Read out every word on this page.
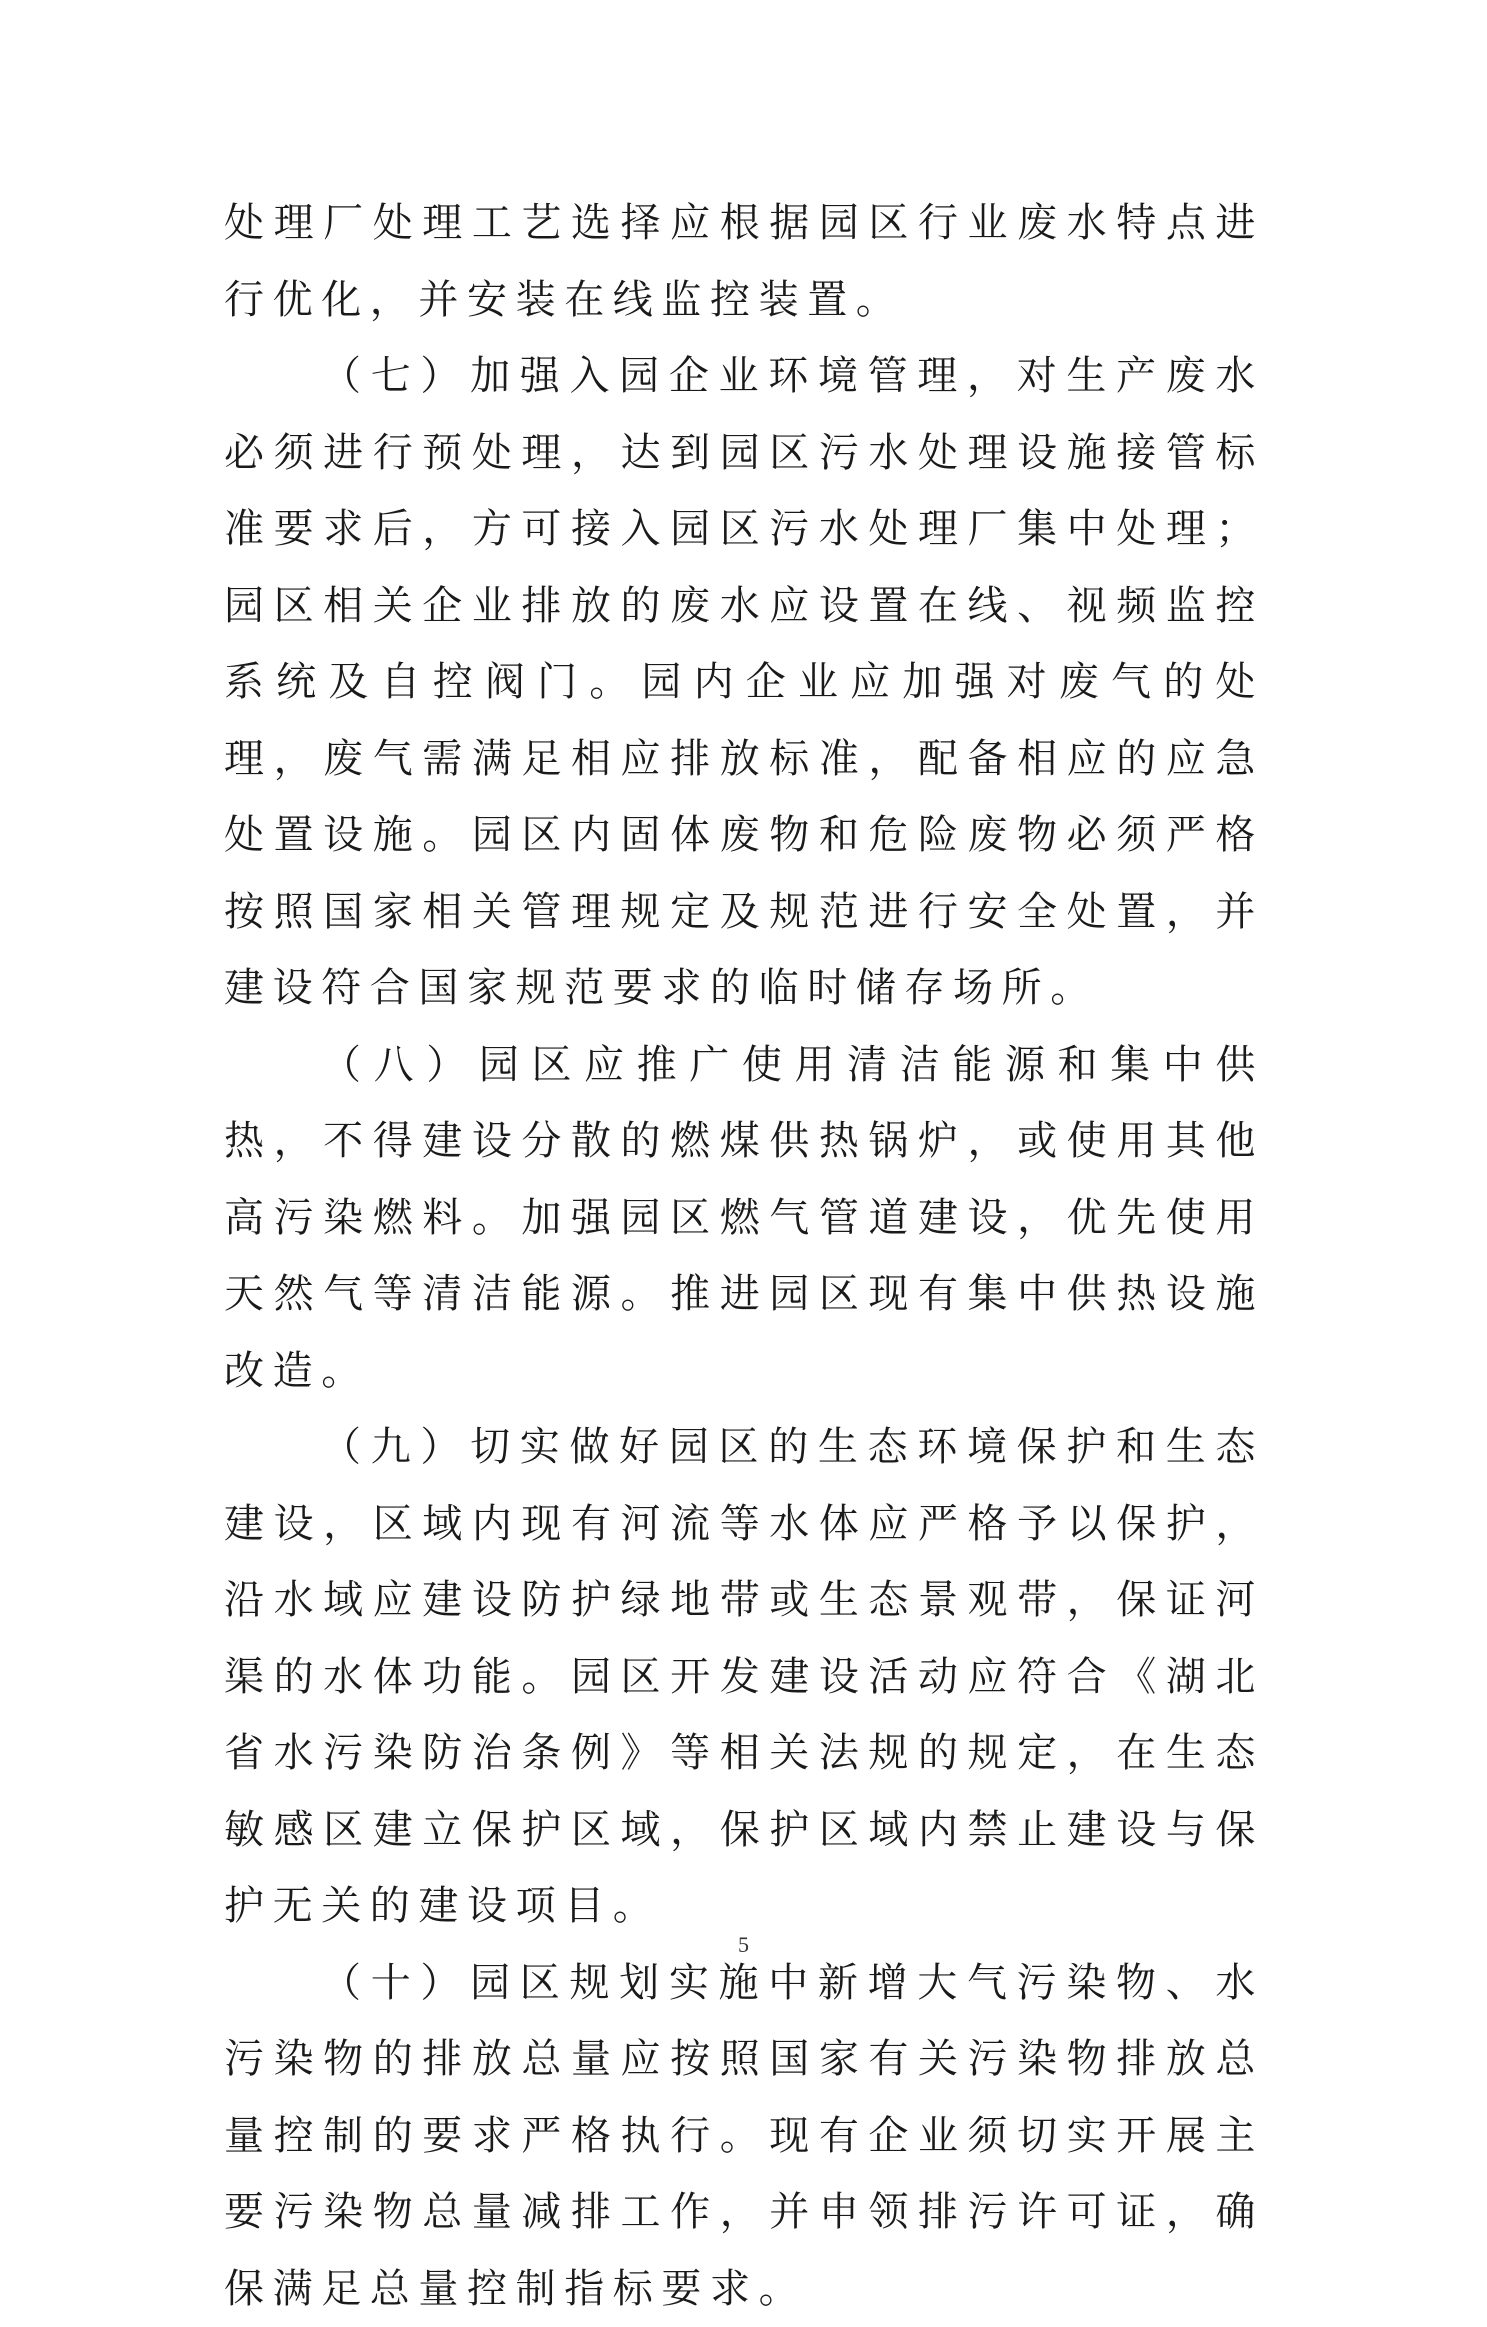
处理厂处理工艺选择应根据园区行业废水特点进行优化，并安装在线监控装置。

（七）加强入园企业环境管理，对生产废水必须进行预处理，达到园区污水处理设施接管标准要求后，方可接入园区污水处理厂集中处理；园区相关企业排放的废水应设置在线、视频监控系统及自控阀门。园内企业应加强对废气的处理，废气需满足相应排放标准，配备相应的应急处置设施。园区内固体废物和危险废物必须严格按照国家相关管理规定及规范进行安全处置，并建设符合国家规范要求的临时储存场所。

（八）园区应推广使用清洁能源和集中供热，不得建设分散的燃煤供热锅炉，或使用其他高污染燃料。加强园区燃气管道建设，优先使用天然气等清洁能源。推进园区现有集中供热设施改造。

（九）切实做好园区的生态环境保护和生态建设，区域内现有河流等水体应严格予以保护，沿水域应建设防护绿地带或生态景观带，保证河渠的水体功能。园区开发建设活动应符合《湖北省水污染防治条例》等相关法规的规定，在生态敏感区建立保护区域，保护区域内禁止建设与保护无关的建设项目。

（十）园区规划实施中新增大气污染物、水污染物的排放总量应按照国家有关污染物排放总量控制的要求严格执行。现有企业须切实开展主要污染物总量减排工作，并申领排污许可证，确保满足总量控制指标要求。

5
